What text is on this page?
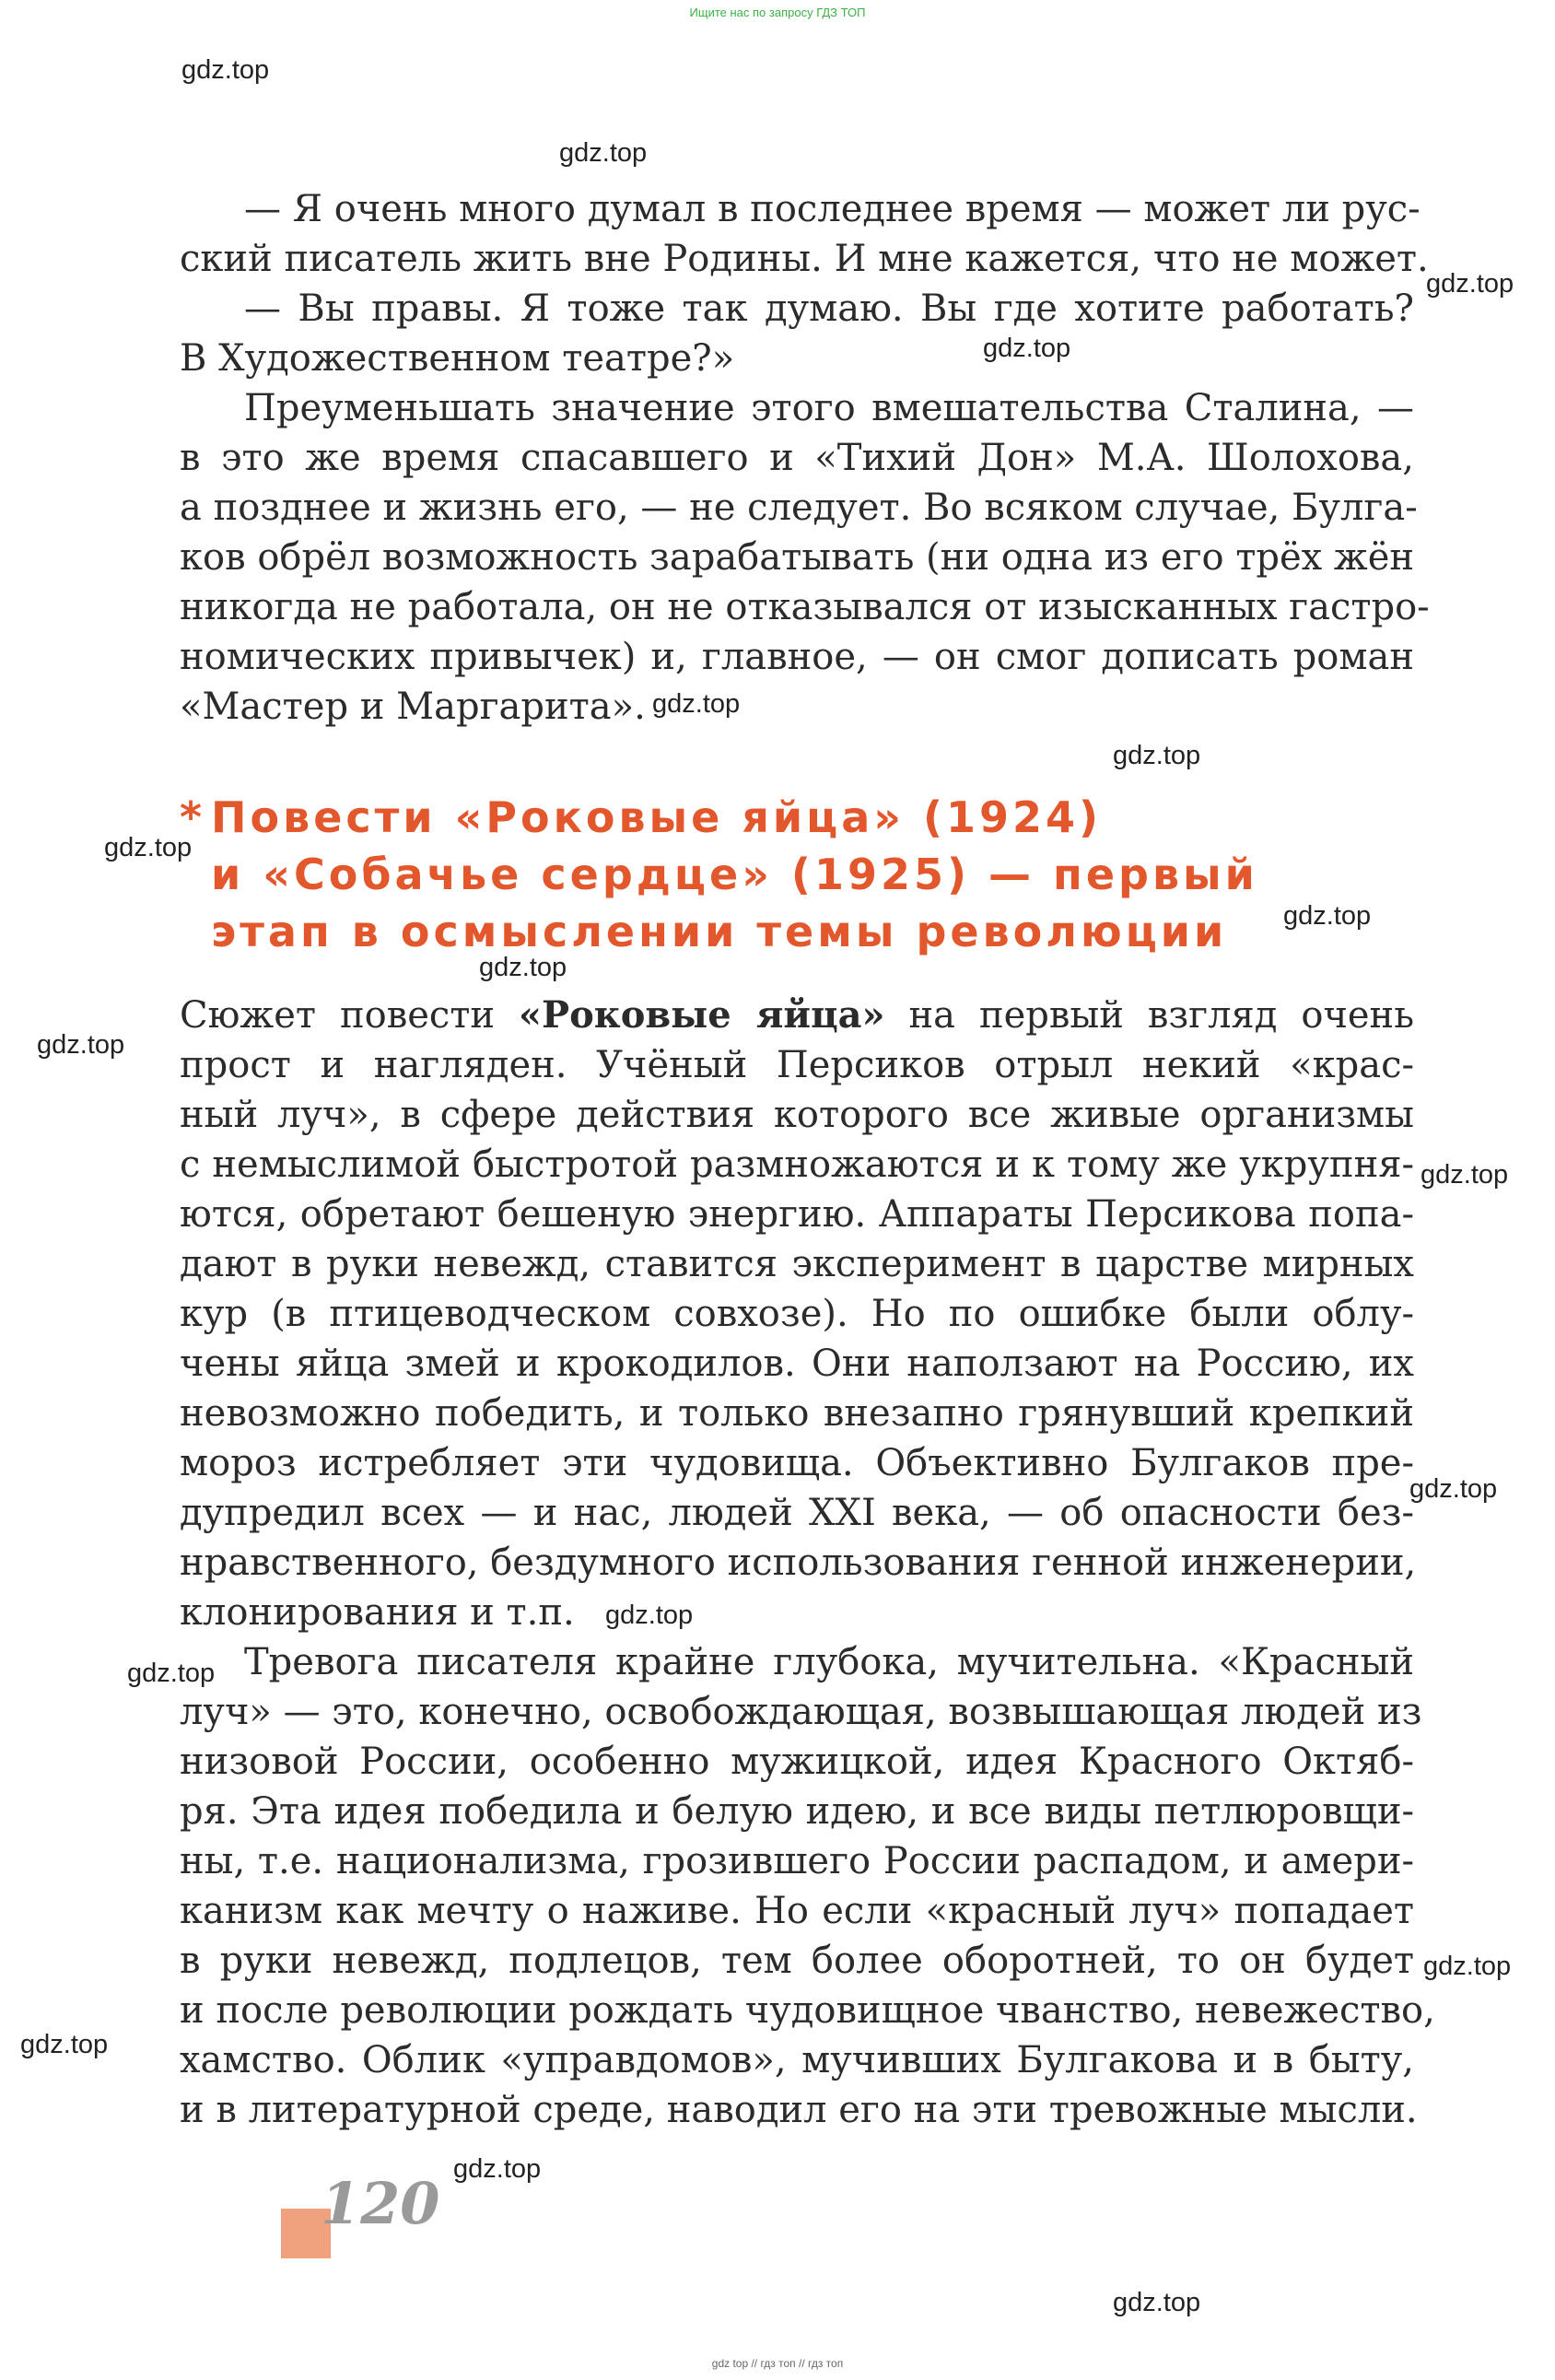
Ищите нас по запросу ГДЗ ТОП
— Я очень много думал в последнее время — может ли рус-
ский писатель жить вне Родины. И мне кажется, что не может.
— Вы правы. Я тоже так думаю. Вы где хотите работать?
В Художественном театре?»
Преуменьшать значение этого вмешательства Сталина, —
в это же время спасавшего и «Тихий Дон» М.А. Шолохова,
а позднее и жизнь его, — не следует. Во всяком случае, Булга-
ков обрёл возможность зарабатывать (ни одна из его трёх жён
никогда не работала, он не отказывался от изысканных гастро-
номических привычек) и, главное, — он смог дописать роман
«Мастер и Маргарита».
* Повести «Роковые яйца» (1924)
и «Собачье сердце» (1925) — первый
этап в осмыслении темы революции
Сюжет повести «Роковые яйца» на первый взгляд очень
прост и нагляден. Учёный Персиков отрыл некий «крас-
ный луч», в сфере действия которого все живые организмы
с немыслимой быстротой размножаются и к тому же укрупня-
ются, обретают бешеную энергию. Аппараты Персикова попа-
дают в руки невежд, ставится эксперимент в царстве мирных
кур (в птицеводческом совхозе). Но по ошибке были облу-
чены яйца змей и крокодилов. Они наползают на Россию, их
невозможно победить, и только внезапно грянувший крепкий
мороз истребляет эти чудовища. Объективно Булгаков пре-
дупредил всех — и нас, людей XXI века, — об опасности без-
нравственного, бездумного использования генной инженерии,
клонирования и т.п.
Тревога писателя крайне глубока, мучительна. «Красный
луч» — это, конечно, освобождающая, возвышающая людей из
низовой России, особенно мужицкой, идея Красного Октяб-
ря. Эта идея победила и белую идею, и все виды петлюровщи-
ны, т.е. национализма, грозившего России распадом, и амери-
канизм как мечту о наживе. Но если «красный луч» попадает
в руки невежд, подлецов, тем более оборотней, то он будет
и после революции рождать чудовищное чванство, невежество,
хамство. Облик «управдомов», мучивших Булгакова и в быту,
и в литературной среде, наводил его на эти тревожные мысли.
120
gdz.top
gdz.top
gdz.top
gdz.top
gdz.top
gdz.top
gdz.top
gdz.top
gdz.top
gdz.top
gdz.top
gdz.top
gdz.top
gdz.top
gdz.top
gdz.top
gdz.top
gdz.top
gdz top // гдз топ // гдз топ
